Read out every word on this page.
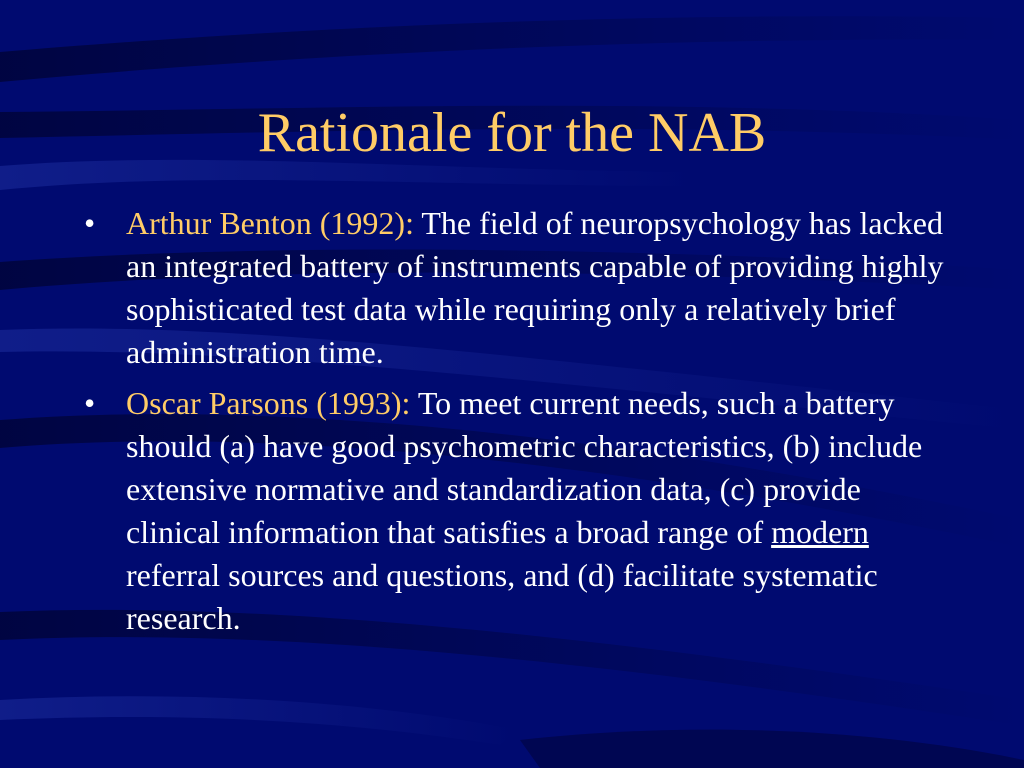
Rationale for the NAB
• Arthur Benton (1992): The field of neuropsychology has lacked an integrated battery of instruments capable of providing highly sophisticated test data while requiring only a relatively brief administration time.
• Oscar Parsons (1993): To meet current needs, such a battery should (a) have good psychometric characteristics, (b) include extensive normative and standardization data, (c) provide clinical information that satisfies a broad range of modern referral sources and questions, and (d) facilitate systematic research.
